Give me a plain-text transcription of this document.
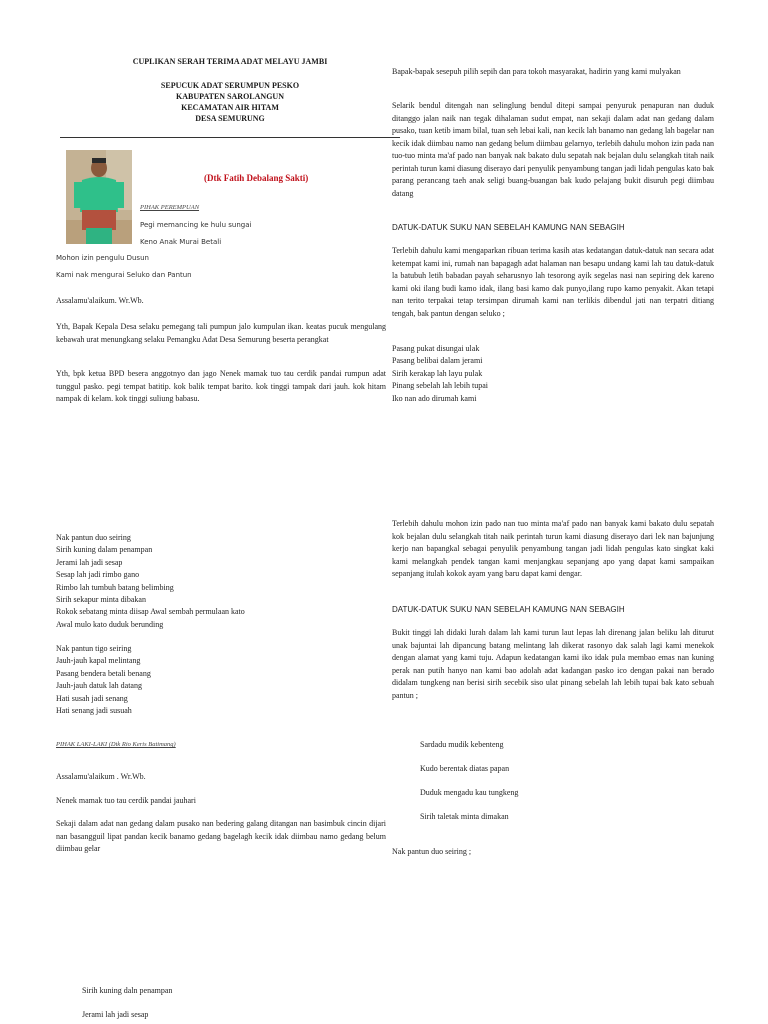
CUPLIKAN SERAH TERIMA ADAT MELAYU JAMBI
SEPUCUK ADAT SERUMPUN PESKO
KABUPATEN SAROLANGUN
KECAMATAN AIR HITAM
DESA SEMURUNG
(Dtk Fatih Debalang Sakti)
PIHAK PEREMPUAN
Pegi memancing ke hulu sungai
Keno Anak Murai Betali
Mohon izin pengulu Dusun
Kami nak mengurai Seluko dan Pantun

Assalamu'alaikum. Wr.Wb.

Yth, Bapak Kepala Desa selaku pemegang tali pumpun jalo kumpulan ikan. keatas pucuk mengulang kebawah urat menungkang selaku Pemangku Adat Desa Semurung beserta perangkat

Yth, bpk ketua BPD besera anggotnyo dan jago Nenek mamak tuo tau cerdik pandai rumpun adat tunggul pasko. pegi tempat batitip. kok balik tempat barito. kok tinggi tampak dari jauh. kok hitam nampak di kelam. kok tinggi suliung babasu.

Nak pantun duo seiring
Sirih kuning dalam penampan
Jerami lah jadi sesap
Sesap lah jadi rimbo gano
Rimbo lah tumbuh batang belimbing
Sirih sekapur minta dibakan
Rokok sebatang minta diisap Awal sembah permulaan kato
Awal mulo kato duduk berunding
Nak pantun tigo seiring
Jauh-jauh kapal melintang
Pasang bendera betali benang
Jauh-jauh datuk lah datang
Hati susah jadi senang
Hati senang jadi susuah
PIHAK LAKI-LAKI (Dtk Rio Keris Batimang)

Assalamu'alaikum . Wr.Wb.

Nenek mamak tuo tau cerdik pandai jauhari

Sekaji dalam adat nan gedang dalam pusako nan bedering galang ditangan nan basimbuk cincin dijari nan basangguil lipat pandan kecik banamo gedang bagelagh kecik idak diimbau namo gedang belum diimbau gelar

Sirih kuning daln penampan

Jerami lah jadi sesap

Bapak-bapak sesepuh pilih sepih dan para tokoh masyarakat, hadirin yang kami mulyakan

Selarik bendul ditengah nan selinglung bendul ditepi sampai penyuruk penapuran nan duduk ditanggo jalan naik nan tegak dihalaman sudut empat, nan sekaji dalam adat nan gedang dalam pusako, tuan ketib imam bilal, tuan seh lebai kali, nan kecik lah banamo nan gedang lah bagelar nan kecik idak diimbau namo nan gedang belum diimbau gelarnyo, terlebih dahulu mohon izin pada nan tuo-tuo minta ma'af pado nan banyak nak bakato dulu sepatah nak bejalan dulu selangkah titah naik perintah turun kami diasung diserayo dari penyulik penyambung tangan jadi lidah pengulas kato bak parang perancang taeh anak seligi buang-buangan bak kudo pelajang bukit disuruh pegi diimbau datang

DATUK-DATUK SUKU NAN SEBELAH KAMUNG NAN SEBAGIH

Terlebih dahulu kami mengaparkan ribuan terima kasih atas kedatangan datuk-datuk nan secara adat ketempat kami ini, rumah nan bapagagh adat halaman nan besapu undang kami lah tau datuk-datuk la batubuh letih babadan payah seharusnyo lah tesorong ayik segelas nasi nan sepiring dek kareno kami oki ilang budi kamo idak, ilang basi kamo dak punyo,ilang rupo kamo penyakit. Akan tetapi nan terito terpakai tetap tersimpan dirumah kami nan terlikis dibendul jati nan terpatri ditiang tengah, bak pantun dengan seluko ;

Pasang pukat disungai ulak
Pasang belibai dalam jerami
Sirih kerakap lah layu pulak
Pinang sebelah lah lebih tupai
Iko nan ado dirumah kami

Terlebih dahulu mohon izin pado nan tuo minta ma'af pado nan banyak kami bakato dulu sepatah kok bejalan dulu selangkah titah naik perintah turun kami diasung diserayo dari lek nan bajunjung kerjo nan bapangkal sebagai penyulik penyambung tangan jadi lidah pengulas kato singkat kaki kami melangkah pendek tangan kami menjangkau sepanjang apo yang dapat kami sampaikan sepanjang itulah kokok ayam yang baru dapat kami dengar.

DATUK-DATUK SUKU NAN SEBELAH KAMUNG NAN SEBAGIH

Bukit tinggi lah didaki lurah dalam lah kami turun laut lepas lah direnang jalan beliku lah diturut unak bajuntai lah dipancung batang melintang lah dikerat rasonyo dak salah lagi kami menekok dengan alamat yang kami tuju. Adapun kedatangan kami iko idak pula membao emas nan kuning perak nan putih hanyo nan kami bao adolah adat kadangan pasko ico dengan pakai nan berado didalam tungkeng nan berisi sirih secebik siso ulat pinang sebelah lah lebih tupai bak kato sebuah pantun ;

Sardadu mudik kebenteng

Kudo berentak diatas papan

Duduk mengadu kau tungkeng

Sirih taletak minta dimakan

Nak pantun duo seiring ;
